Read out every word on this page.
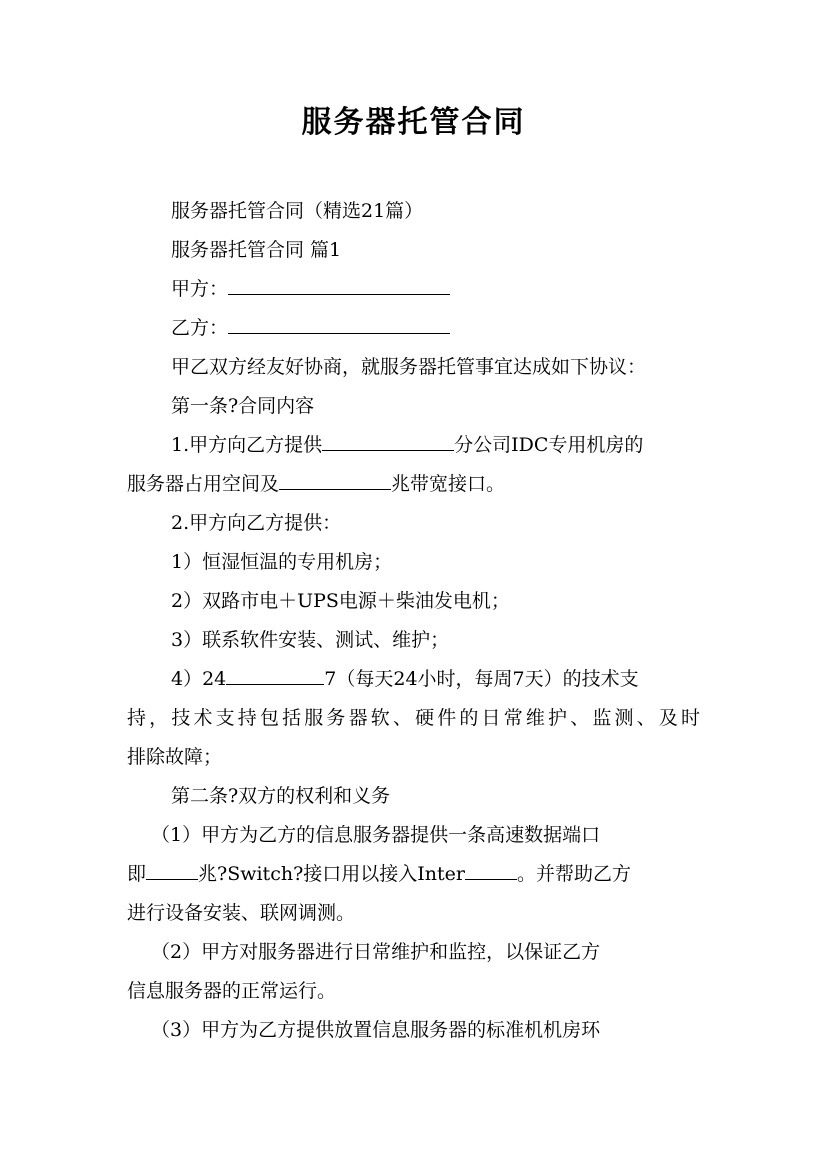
服务器托管合同

服务器托管合同（精选21篇）

服务器托管合同 篇1

甲方：

乙方：

甲乙双方经友好协商，就服务器托管事宜达成如下协议：

第一条?合同内容

1.甲方向乙方提供	分公司IDC专用机房的

服务器占用空间及	兆带宽接口。

2.甲方向乙方提供：

1）恒湿恒温的专用机房；

2）双路市电＋UPS电源＋柴油发电机；

3）联系软件安装、测试、维护；

4）24	7（每天24小时，每周7天）的技术支

持，技术支持包括服务器软、硬件的日常维护、监测、及时

排除故障；

第二条?双方的权利和义务

（1）甲方为乙方的信息服务器提供一条高速数据端口

即	兆?Switch?接口用以接入Inter	。并帮助乙方

进行设备安装、联网调测。

（2）甲方对服务器进行日常维护和监控，以保证乙方

信息服务器的正常运行。

（3）甲方为乙方提供放置信息服务器的标准机机房环
